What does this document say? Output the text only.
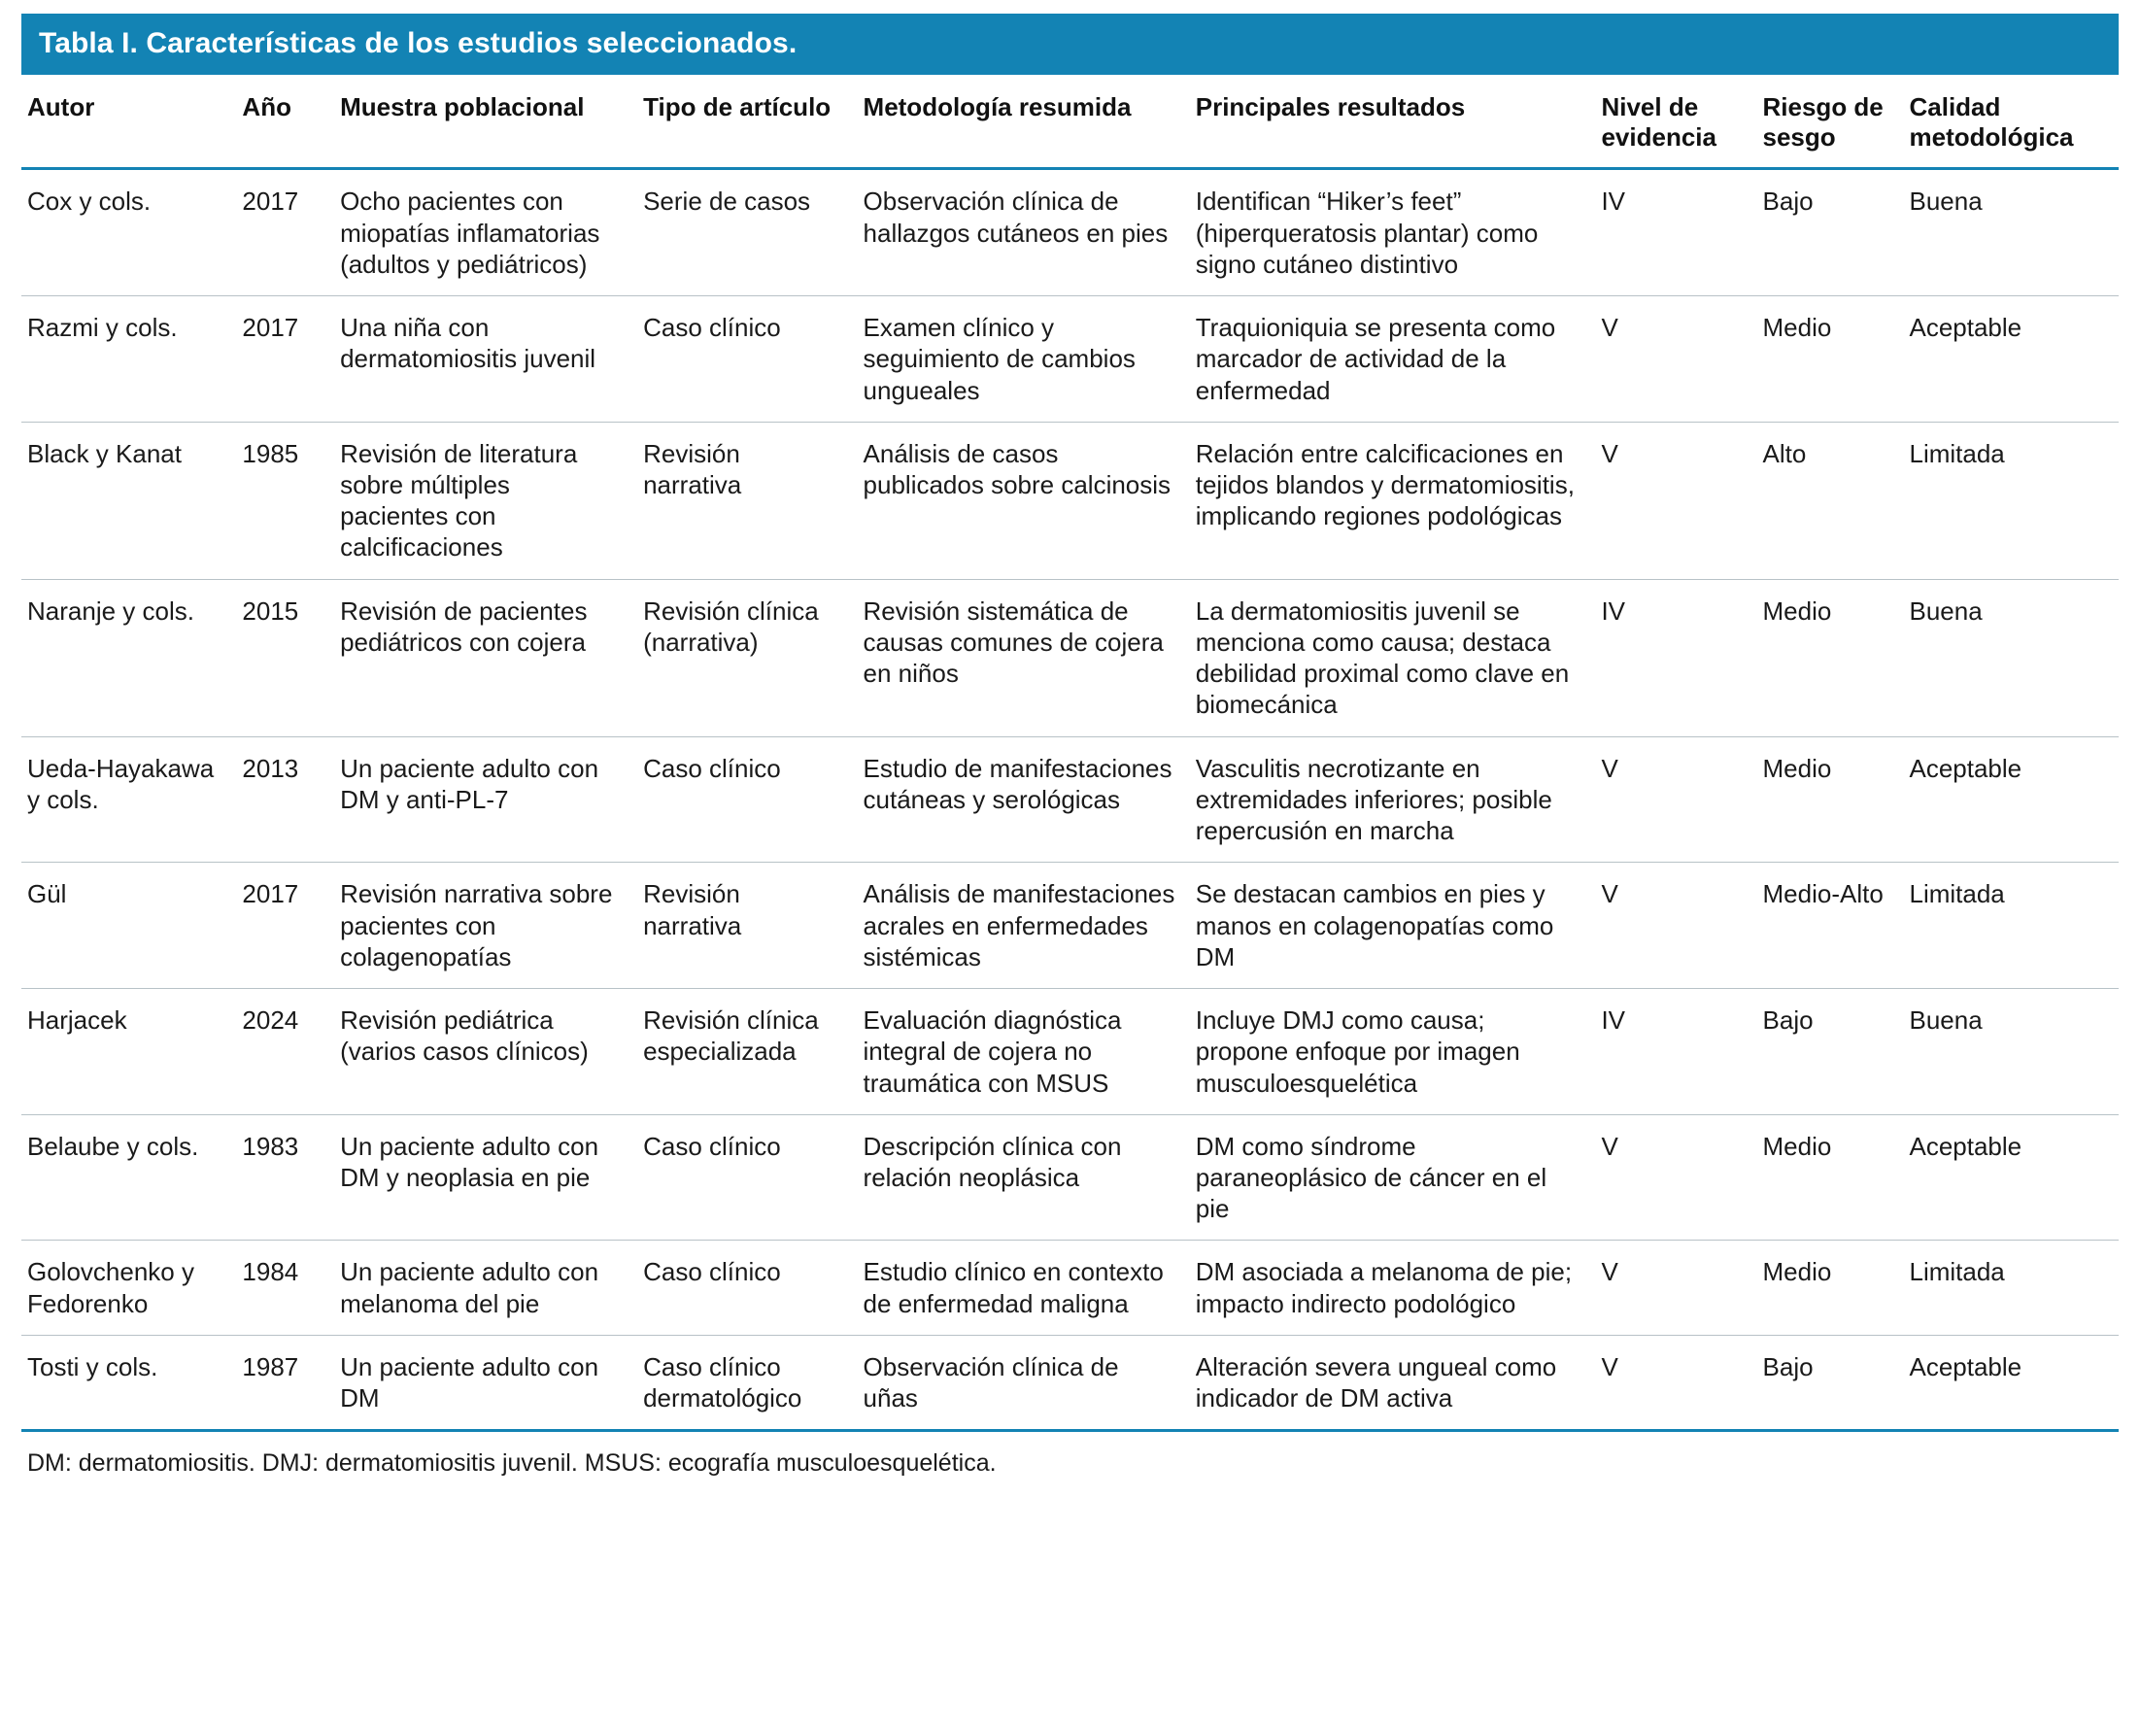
Tabla I. Características de los estudios seleccionados.
Autor	Año	Muestra poblacional	Tipo de artículo	Metodología resumida	Principales resultados	Nivel de evidencia	Riesgo de sesgo	Calidad metodológica
Cox y cols.	2017	Ocho pacientes con miopatías inflamatorias (adultos y pediátricos)	Serie de casos	Observación clínica de hallazgos cutáneos en pies	Identifican “Hiker’s feet” (hiperqueratosis plantar) como signo cutáneo distintivo	IV	Bajo	Buena
Razmi y cols.	2017	Una niña con dermatomiositis juvenil	Caso clínico	Examen clínico y seguimiento de cambios ungueales	Traquioniquia se presenta como marcador de actividad de la enfermedad	V	Medio	Aceptable
Black y Kanat	1985	Revisión de literatura sobre múltiples pacientes con calcificaciones	Revisión narrativa	Análisis de casos publicados sobre calcinosis	Relación entre calcificaciones en tejidos blandos y dermatomiositis, implicando regiones podológicas	V	Alto	Limitada
Naranje y cols.	2015	Revisión de pacientes pediátricos con cojera	Revisión clínica (narrativa)	Revisión sistemática de causas comunes de cojera en niños	La dermatomiositis juvenil se menciona como causa; destaca debilidad proximal como clave en biomecánica	IV	Medio	Buena
Ueda-Hayakawa y cols.	2013	Un paciente adulto con DM y anti-PL-7	Caso clínico	Estudio de manifestaciones cutáneas y serológicas	Vasculitis necrotizante en extremidades inferiores; posible repercusión en marcha	V	Medio	Aceptable
Gül	2017	Revisión narrativa sobre pacientes con colagenopatías	Revisión narrativa	Análisis de manifestaciones acrales en enfermedades sistémicas	Se destacan cambios en pies y manos en colagenopatías como DM	V	Medio-Alto	Limitada
Harjacek	2024	Revisión pediátrica (varios casos clínicos)	Revisión clínica especializada	Evaluación diagnóstica integral de cojera no traumática con MSUS	Incluye DMJ como causa; propone enfoque por imagen musculoesquelética	IV	Bajo	Buena
Belaube y cols.	1983	Un paciente adulto con DM y neoplasia en pie	Caso clínico	Descripción clínica con relación neoplásica	DM como síndrome paraneoplásico de cáncer en el pie	V	Medio	Aceptable
Golovchenko y Fedorenko	1984	Un paciente adulto con melanoma del pie	Caso clínico	Estudio clínico en contexto de enfermedad maligna	DM asociada a melanoma de pie; impacto indirecto podológico	V	Medio	Limitada
Tosti y cols.	1987	Un paciente adulto con DM	Caso clínico dermatológico	Observación clínica de uñas	Alteración severa ungueal como indicador de DM activa	V	Bajo	Aceptable
DM: dermatomiositis. DMJ: dermatomiositis juvenil. MSUS: ecografía musculoesquelética.
